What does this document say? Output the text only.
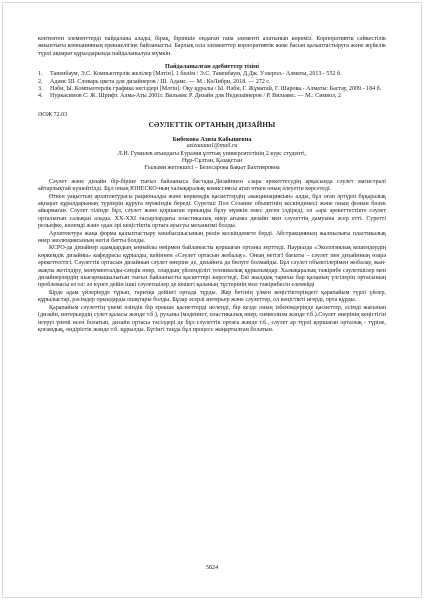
контентен элементтерді пайдалана алады, бірақ, біріншіе ондаған гана элементі алатынын көреміз. Корпоративтік сәйкестілік жиынтығы компанияның ерекшелігіне байланысты. Барлық осы элементтер корпоративтік жеке басын қалыптастыруға және жүйелік түрлі ақпарат құралдарында пайдаланылуы мүмкін.

Пайдаланылған әдебиеттер тізімі
1. Таненбаум, Э.С. Компьютерлік желілер [Мәтін]. 1 бөлім / Э.С. Таненбаум, Д.Дж. Уэзерол.- Алматы, 2013.- 552 б.
2. Адамс Ш. Словарь цвета для дизайнеров / Ш. Адамс. — М.: КоЛибри, 2018. — 272 с.
3. Нәби, Ы. Компьютерлік графика негіздері [Мәтін]: Оқу құралы / Ы. Нәби, Г. Жұматай, Г. Шарова.- Алматы: Бастау, 2009.- 184 б.
4. Нуркасимов С. Ж. Шрифт. Алма-Аты 2001г. Вильямс Р. Дизайн для Недизайнеров / Р. Вильямс. — М.: Символ, 2
ӘОЖ 72.03
СӘУЛЕТТІК ОРТАНЫҢ ДИЗАЙНЫ
Бибекова Азиза Кабышевна
azizaaaaa1@mail.ru
Л.Н. Гумилев атындағы Еуразия ұлттық университетінің 2 курс студенті,
Нұр-Сұлтан, Қазақстан
Ғылыми жетекшісі – Белесарова Бақыт Бахтияровна

Сәулет және дизайн бір-біріне тығыз байланыса бастады.Дизайннен «зара әрекеттесудің арқасында сәулет магистралі айтарлықтай күшейтілді. Бұл оның ЮНЕСКО-ның халықаралық комиссиясы атап өткен оның әлеуетін көрсетеді.

Өткен уақыттың архитектурасы рационалды және көркемдік қасиеттердің «вакцинациясын» алды, бұл оған әртүрлі бұқаралық ақпарат құралдарының түрлерін құруға мүмкіндік береді. Суретші Пол Сезанне объектінің кескіндемесі және оның фонын бөлек айырмаған. Сәулет тілінде бұл, сәулет және қоршаған орныңды бұлу мүмкін емес деген ілдіреді, ол «ара әрекеттестікте сәулет орталығын салықан алады. XX-XXI ғасырлардағы пластикалық өнер ағымы дизайн мен сәулеттің дамуына әсер етті. Суретті рельефке, көлемді және одан әрі кеңістіктік ортаға ауысуы механизмі болды.

Архитектура жаңа форма қалыптастыру көшбасшысының рөлін кескіндемете берді. Абстракцияның жалпылығы пластикалық өнер эволюциясының негізі батты болды.

КСРО-да дизайнер адамдардың ыңнайлы өмірмен байланысты қоршаған ортаны зерттеді. Наурызда «Экологиялық кешендердің көркемдік дизайны» кафедрасы құрылды, кейіннен «Сәулет ортасын жобалау». Оның негізгі бағыты – сәулет пен дизайнның өзара әрекеттестігі. Сәулеттік ортасын дизайнын сәулет өнеріне де, дизайнға да бөлуге болмайды. Бұл сәулет объектілерімен жобалау, жан-жақты жетілдіру, монументалды-сәндік өнер, олардың үйлемділігі техникалық құрылымдар. Халықаралық тәжірибе сәулетшілер мен дизайнерлердің шығармашылығын тығыз байланысты қасиеттері көрсетеді. Екі жылдық тарихы бар қаланың үлгілерін ортасының проблемасы өз ол: әл күнге дейін ішкі сәулетшілер де кешегі қаланың тұстерінің мол тәжірибесін елемейді

Бірде адам үйлеріерде тұрып, тарихқа дейінгі ортада тұрды. Жер бетінің үлкен кеңістіктеріндегі қарапайым түрлі үйлер, құрылыстар, рәсімдер орындарды опақтары болды. Бұлар әсерлі интерьер және сәулеттер, ол кеңістікті игерді, орта құрды.

Қарапайым сәулеттің үнемі өзіндік бір ерекше қасиеттерді иеленді, бір кезде оның ізбенімдерінде қасиеттер, есімді жағынан (дизайн, интерьердің сулет қаласы жәнде т.б.), руханы (мәдениет, пластикалық өнер, символизм жәнде т.б.).Сәулет өнерінің кеңістігін игеруі үнемі өсен болатын, дизайн ортасы тәсілдері де бұл сәулеттік ортаға жәнде т.б., сәулет ар түрлі қоршаған орталық - түріне, қоғамдық, өндірістік жәнде т.б. құрылды. Бүгінгі таңда бұл процесс жаңартылған болатын.

5824
